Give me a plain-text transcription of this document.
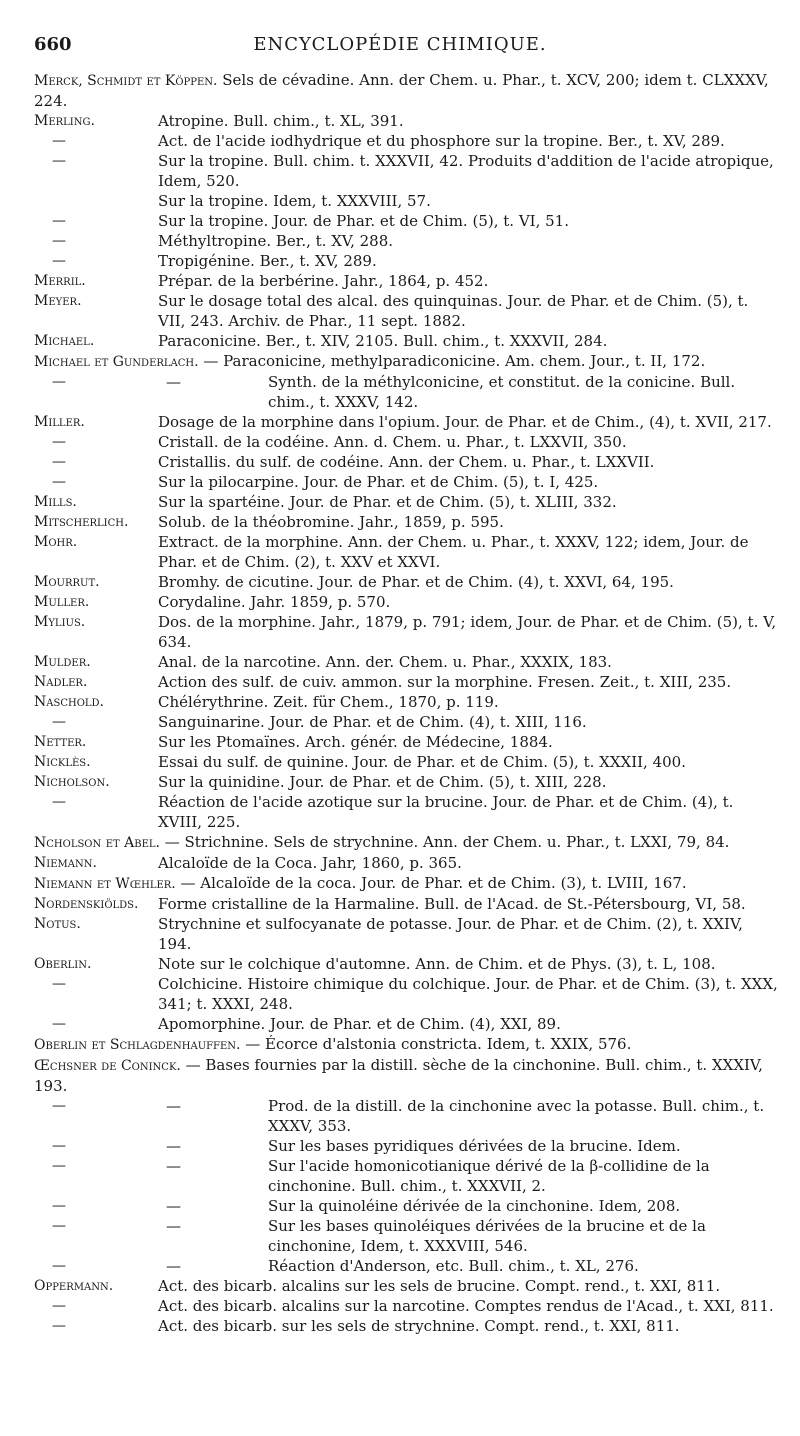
660	ENCYCLOPÉDIE CHIMIQUE.
Merck, Schmidt et Köppen. Sels de cévadine. Ann. der Chem. u. Phar., t. XCV, 200; idem t. CLXXXV, 224.
Merling.	Atropine. Bull. chim., t. XL, 391.
—	Act. de l'acide iodhydrique et du phosphore sur la tropine. Ber., t. XV, 289.
—	Sur la tropine. Bull. chim. t. XXXVII, 42. Produits d'addition de l'acide atropique, Idem, 520.
Sur la tropine. Idem, t. XXXVIII, 57.
—	Sur la tropine. Jour. de Phar. et de Chim. (5), t. VI, 51.
—	Méthyltropine. Ber., t. XV, 288.
—	Tropigénine. Ber., t. XV, 289.
Merril.	Prépar. de la berbérine. Jahr., 1864, p. 452.
Meyer.	Sur le dosage total des alcal. des quinquinas. Jour. de Phar. et de Chim. (5), t. VII, 243. Archiv. de Phar., 11 sept. 1882.
Michael.	Paraconicine. Ber., t. XIV, 2105. Bull. chim., t. XXXVII, 284.
Michael et Gunderlach. — Paraconicine, methylparadiconicine. Am. chem. Jour., t. II, 172.
—	—	Synth. de la méthylconicine, et constitut. de la conicine. Bull. chim., t. XXXV, 142.
Miller.	Dosage de la morphine dans l'opium. Jour. de Phar. et de Chim., (4), t. XVII, 217.
—	Cristall. de la codéine. Ann. d. Chem. u. Phar., t. LXXVII, 350.
—	Cristallis. du sulf. de codéine. Ann. der Chem. u. Phar., t. LXXVII.
—	Sur la pilocarpine. Jour. de Phar. et de Chim. (5), t. I, 425.
Mills.	Sur la spartéine. Jour. de Phar. et de Chim. (5), t. XLIII, 332.
Mitscherlich.	Solub. de la théobromine. Jahr., 1859, p. 595.
Mohr.	Extract. de la morphine. Ann. der Chem. u. Phar., t. XXXV, 122; idem, Jour. de Phar. et de Chim. (2), t. XXV et XXVI.
Mourrut.	Bromhy. de cicutine. Jour. de Phar. et de Chim. (4), t. XXVI, 64, 195.
Muller.	Corydaline. Jahr. 1859, p. 570.
Mylius.	Dos. de la morphine. Jahr., 1879, p. 791; idem, Jour. de Phar. et de Chim. (5), t. V, 634.
Mulder.	Anal. de la narcotine. Ann. der. Chem. u. Phar., XXXIX, 183.
Nadler.	Action des sulf. de cuiv. ammon. sur la morphine. Fresen. Zeit., t. XIII, 235.
Naschold.	Chélérythrine. Zeit. für Chem., 1870, p. 119.
—	Sanguinarine. Jour. de Phar. et de Chim. (4), t. XIII, 116.
Netter.	Sur les Ptomaïnes. Arch. génér. de Médecine, 1884.
Nicklès.	Essai du sulf. de quinine. Jour. de Phar. et de Chim. (5), t. XXXII, 400.
Nicholson.	Sur la quinidine. Jour. de Phar. et de Chim. (5), t. XIII, 228.
—	Réaction de l'acide azotique sur la brucine. Jour. de Phar. et de Chim. (4), t. XVIII, 225.
Ncholson et Abel. — Strichnine. Sels de strychnine. Ann. der Chem. u. Phar., t. LXXI, 79, 84.
Niemann.	Alcaloïde de la Coca. Jahr, 1860, p. 365.
Niemann et Wœhler. — Alcaloïde de la coca. Jour. de Phar. et de Chim. (3), t. LVIII, 167.
Nordenskiölds.	Forme cristalline de la Harmaline. Bull. de l'Acad. de St.-Pétersbourg, VI, 58.
Notus.	Strychnine et sulfocyanate de potasse. Jour. de Phar. et de Chim. (2), t. XXIV, 194.
Oberlin.	Note sur le colchique d'automne. Ann. de Chim. et de Phys. (3), t. L, 108.
—	Colchicine. Histoire chimique du colchique. Jour. de Phar. et de Chim. (3), t. XXX, 341; t. XXXI, 248.
—	Apomorphine. Jour. de Phar. et de Chim. (4), XXI, 89.
Oberlin et Schlagdenhauffen. — Écorce d'alstonia constricta. Idem, t. XXIX, 576.
Œchsner de Coninck. — Bases fournies par la distill. sèche de la cinchonine. Bull. chim., t. XXXIV, 193.
—	—	Prod. de la distill. de la cinchonine avec la potasse. Bull. chim., t. XXXV, 353.
—	—	Sur les bases pyridiques dérivées de la brucine. Idem.
—	—	Sur l'acide homonicotianique dérivé de la β-collidine de la cinchonine. Bull. chim., t. XXXVII, 2.
—	—	Sur la quinoléine dérivée de la cinchonine. Idem, 208.
—	—	Sur les bases quinoléiques dérivées de la brucine et de la cinchonine, Idem, t. XXXVIII, 546.
—	—	Réaction d'Anderson, etc. Bull. chim., t. XL, 276.
Oppermann.	Act. des bicarb. alcalins sur les sels de brucine. Compt. rend., t. XXI, 811.
—	Act. des bicarb. alcalins sur la narcotine. Comptes rendus de l'Acad., t. XXI, 811.
—	Act. des bicarb. sur les sels de strychnine. Compt. rend., t. XXI, 811.
